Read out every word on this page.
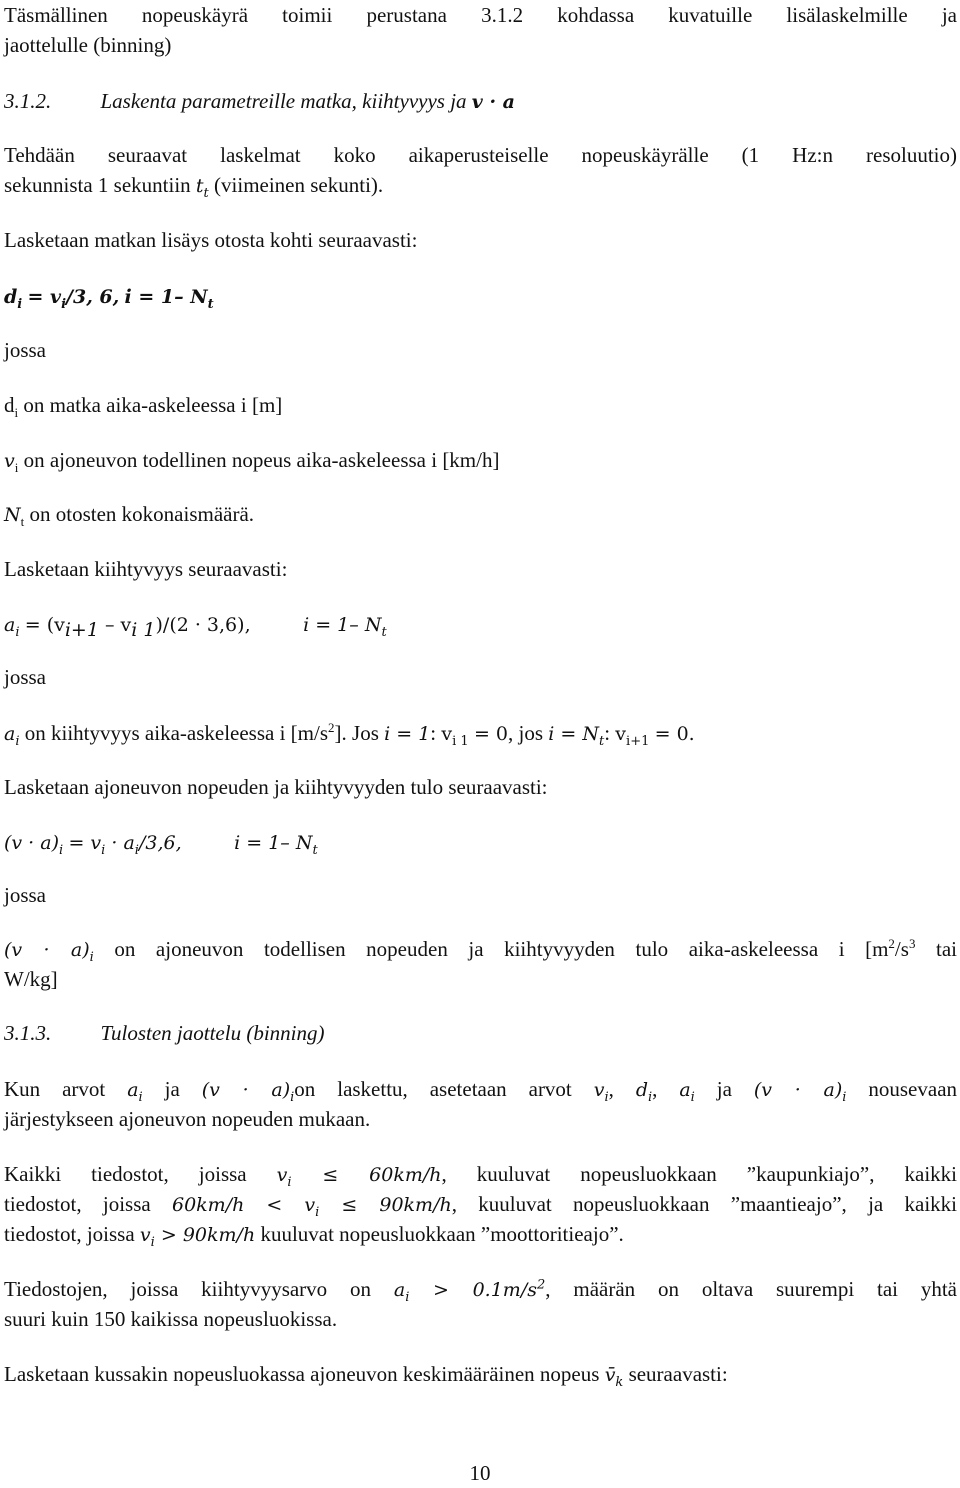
Täsmällinen nopeuskäyrä toimii perustana 3.1.2 kohdassa kuvatuille lisälaskelmille ja
jaottelulle (binning)
3.1.2. Laskenta parametreille matka, kiihtyvyys ja v · a
Tehdään seuraavat laskelmat koko aikaperusteiselle nopeuskäyrälle (1 Hz:n resoluutio)
sekunnista 1 sekuntiin $t_t$ (viimeinen sekunti).
Lasketaan matkan lisäys otosta kohti seuraavasti:
$d_i = v_i/3$, 6, i = 1– $N_t$
jossa
$d_i$ on matka aika-askeleessa i [m]
$v_i$ on ajoneuvon todellinen nopeus aika-askeleessa i [km/h]
$N_t$ on otosten kokonaismäärä.
Lasketaan kiihtyvyys seuraavasti:
$a_i = (v_{i+1} - v_{i 1})/(2 \cdot 3,6)$,	i = 1– $N_t$
jossa
$a_i$ on kiihtyvyys aika-askeleessa i $[m/s^2]$. Jos i = 1: $v_{i 1} = 0$, jos $i = N_t$: $v_{i+1} = 0$.
Lasketaan ajoneuvon nopeuden ja kiihtyvyyden tulo seuraavasti:
$(v \cdot a)_i = v_i \cdot a_i/3,6$,	i = 1– $N_t$
jossa
$(v \cdot a)_i$ on ajoneuvon todellisen nopeuden ja kiihtyvyyden tulo aika-askeleessa i [$m^2/s^3$ tai
W/kg]
3.1.3. Tulosten jaottelu (binning)
Kun arvot $a_i$ ja $(v \cdot a)_ion$ laskettu, asetetaan arvot $v_i$, $d_i$, $a_i$ ja $(v \cdot a)_i$ nousevaan
järjestykseen ajoneuvon nopeuden mukaan.
Kaikki tiedostot, joissa $v_i \le 60km/h$, kuuluvat nopeusluokkaan ”kaupunkiajo”, kaikki
tiedostot, joissa $60km/h < v_i \le 90km/h$, kuuluvat nopeusluokkaan ”maantieajo”, ja kaikki
tiedostot, joissa $v_i > 90km/h$ kuuluvat nopeusluokkaan ”moottoritieajo”.
Tiedostojen, joissa kiihtyvyysarvo on $a_i > 0.1m/s^2$, määrän on oltava suurempi tai yhtä
suuri kuin 150 kaikissa nopeusluokissa.
Lasketaan kussakin nopeusluokassa ajoneuvon keskimääräinen nopeus $v̄_k$ seuraavasti:
10
